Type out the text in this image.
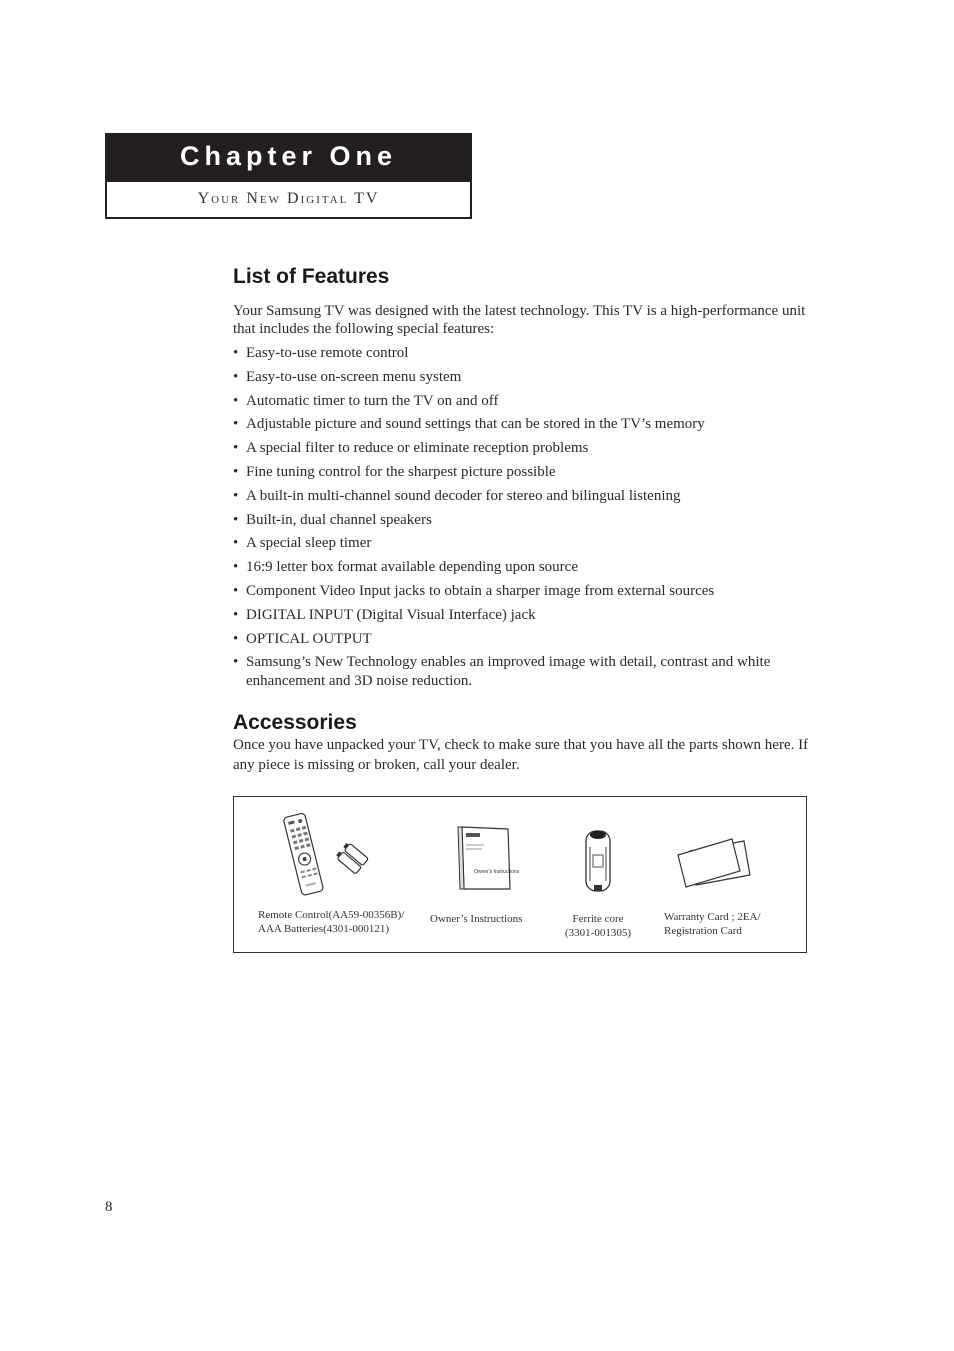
Chapter One
Your New Digital TV
List of Features

Your Samsung TV was designed with the latest technology. This TV is a high-performance unit that includes the following special features:

• Easy-to-use remote control
• Easy-to-use on-screen menu system
• Automatic timer to turn the TV on and off
• Adjustable picture and sound settings that can be stored in the TV’s memory
• A special filter to reduce or eliminate reception problems
• Fine tuning control for the sharpest picture possible
• A built-in multi-channel sound decoder for stereo and bilingual listening
• Built-in, dual channel speakers
• A special sleep timer
• 16:9 letter box format available depending upon source
• Component Video Input jacks to obtain a sharper image from external sources
• DIGITAL INPUT (Digital Visual Interface) jack
• OPTICAL OUTPUT
• Samsung’s New Technology enables an improved image with detail, contrast and white enhancement and 3D noise reduction.
Accessories

Once you have unpacked your TV, check to make sure that you have all the parts shown here. If any piece is missing or broken, call your dealer.

Remote Control(AA59-00356B)/
AAA Batteries(4301-000121)
Owner's Instructions
Owner’s Instructions	Ferrite core
(3301-001305)
Warranty Card ; 2EA/
Registration Card
8
